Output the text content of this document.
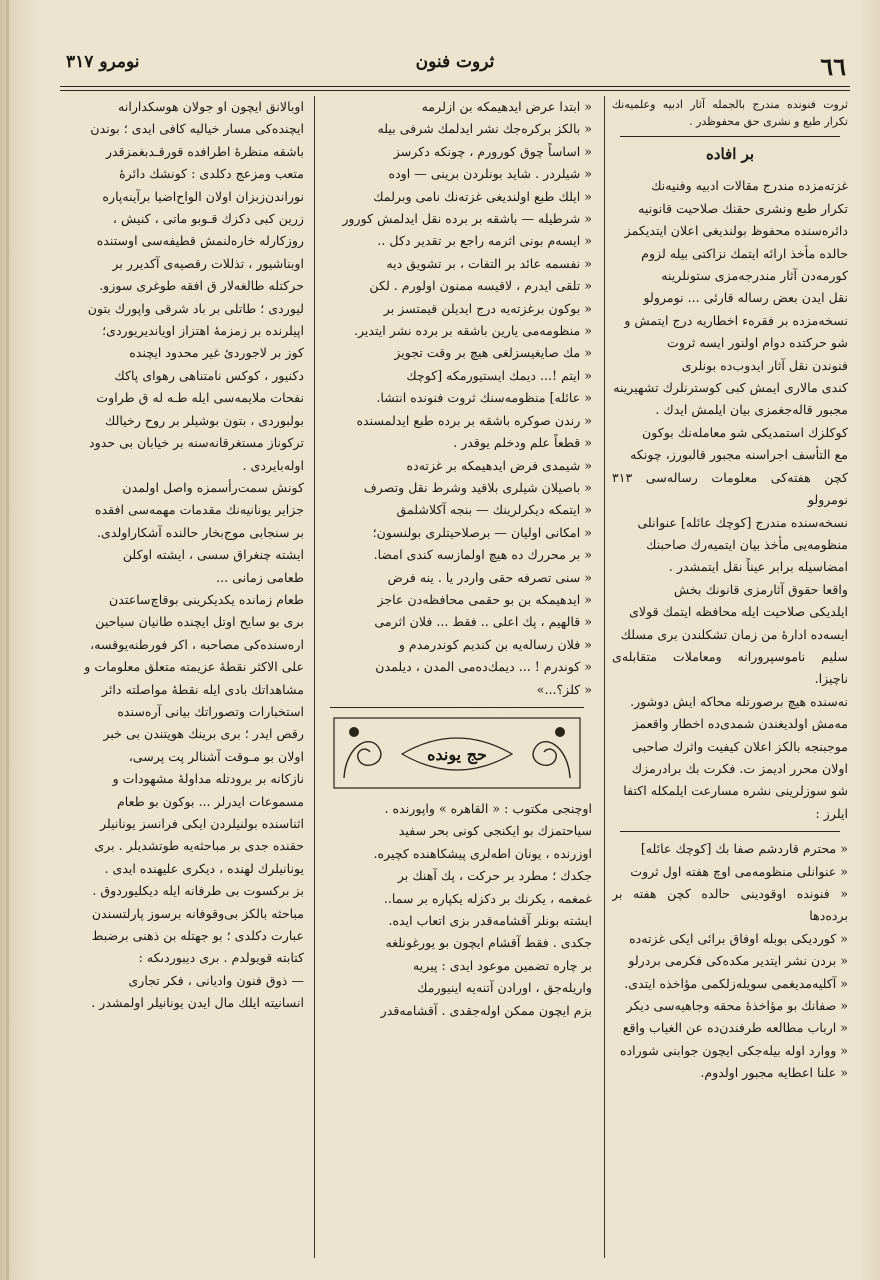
٦٦
ثروت فنون
نومرو ٣١٧

ثروت فنونده مندرج بالجمله آثار ادبيه وعلميه‌نك تكرار طبع و نشرى حق محفوظدر .

بر افاده

غزته‌مزده مندرج مقالات ادبيه وفنيه‌نك

تكرار طبع ونشرى حقنك صلاحيت قانونيه

دائره‌سنده محفوظ بولنديغى اعلان ايتديكمز

حالده مأخذ ارائه ايتمك نزاكتى بيله لزوم

كورمه‌دن آثار مندرجه‌مزى ستونلرينه

نقل ايدن بعض رساله قارئى ... نومرولو

نسخه‌مزده بر فقره‌ء اخطاريه درج ايتمش و

شو حركتده دوام اولنور ايسه ثروت

فنوندن نقل آثار ايدوب‌ده بونلرى

كندى مالارى ايمش كبى كوسترنلرك تشهيرينه

مجبور قاله‌جغمزى بيان ايلمش ايدك .

كوكلزك استمديكى شو معامله‌نك بوكون

مع التأسف اجراسنه مجبور قالبورز، چونكه

كچن هفته‌كى معلومات رساله‌سى ٣١٣ نومرولو

نسخه‌سنده مندرج [كوچك عائله] عنوانلى

منظومه‌يى مأخذ بيان ايتميه‌رك صاحبنك

امضاسيله برابر عيناً نقل ايتمشدر .

واقعا حقوق آثارمزى قانونك بخش

ايلديكى صلاحيت ايله محافظه ايتمك قولاى

ايسه‌ده ادارهٔ من زمان تشكلندن برى مسلك

سليم ناموسپرورانه ومعاملات متقابله‌ى ناچيزا.

نه‌سنده هيچ برصورتله محاكه ايش دوشور.

مه‌مش اولديغندن شمدى‌ده اخطار واقعمز

موجبنجه بالكز اعلان كيفيت واثرك صاحبى

اولان محرر اديمز ت. فكرت بك برادرمزك

شو سوزلرينى نشره مسارعت ايلمكله اكتفا

ايلرز :

« محترم قاردشم صفا بك [كوچك عائله]

« عنوانلى منظومه‌مى اوچ هفته اول ثروت

« فنونده اوقودينى حالده كچن هفته بر برده‌دها

« كورديكى بوبله اوفاق برائى ايكى غزته‌ده

« بردن نشر ايتدير مكده‌كى فكرمى بردرلو

« آكليه‌مديغمى سويله‌زلكمى مؤاخذه ايتدى.

« صفانك بو مؤاخذهٔ محقه وجاهيه‌سى ديكر

« ارباب مطالعه طرفندن‌ده عن الغياب واقع

« ووارد اوله بيله‌جكى ايچون جوابنى شوراده

« علنا اعطايه مجبور اولدوم.

« ابتدا عرض ايدهيمكه بن ازلرمه

« بالكز بركره‌جك نشر ايدلمك شرفى بيله

« اساساً چوق كورورم ، چونكه دكرسز

« شيلردر . شايد بونلردن برينى — اوده

« ايلك طبع اولنديغى غزته‌نك نامى وبرلمك

« شرطيله — باشقه بر برده نقل ايدلمش كورور

« ايسه‌م بونى اثرمه راجع بر تقدير دكل ..

« نفسمه عائد بر التفات ، بر تشويق ديه

« تلقى ايدرم ، لاقيسه ممنون اولورم . لكن

« بوكون برغزته‌يه درج ايديلن قيمتسز بر

« منظومه‌مى يارين باشقه بر برده نشر ايتدير.

« مك صايغيسزلغى هيچ بر وقت تجويز

« ايتم !... ديمك ايستيورمكه [كوچك

« عائله] منظومه‌سنك ثروت فنونده انتشا.

« رندن صوكره باشقه بر برده طبع ايدلمسنده

« قطعاً علم ودخلم يوقدر .

« شيمدى فرض ايدهيمكه بر غزته‌ده

« باصيلان شيلرى بلاقيد وشرط نقل وتصرف

« ايتمكه ديكرلرينك — بنجه آكلاشلمق

« امكانى اوليان — برصلاحيتلرى بولنسون؛

« بر محررك ده هيچ اولمازسه كندى امضا.

« سنى تصرفه حقى واردر يا . ينه فرض

« ايدهيمكه بن بو حقمى محافظه‌دن عاجز

« قالهيم ، پك اعلى .. فقط ... فلان اثرمى

« فلان رساله‌يه بن كنديم كوندرمدم و

« كوندرم ! ... ديمك‌ده‌مى المدن ، ديلمدن

« كلز؟...»

حج يونده

اوچنجى مكتوب : « القاهره » واپورنده .

سياحتمزك بو ايكنجى كونى بحر سفيد

اوزرنده ، يونان اطه‌لرى پيشكاهنده كچيره.

جكدك ؛ مطرد بر حركت ، پك آهنك بر

غمغمه ، يكرنك بر دكزله يكپاره بر سما..

ايشته بونلر آقشامه‌قدر بزى اتعاب ايده.

جكدى . فقط آقشام ايچون بو يورغونلغه

بر چاره تضمين موعود ايدى : پيريه

واريله‌جق ، اورادن آتنه‌يه اينيورمك

بزم ايچون ممكن اوله‌جقدى . آقشامه‌قدر

اوبالانق ايچون او جولان هوسكدارانه

ايچنده‌كى مسار خياليه كافى ايدى ؛ بوندن

باشقه منظرهٔ اطرافده قورقـدبغمزقدر

متعب ومزعج دكلدى : كونشك دائرهٔ

نوراندن‌زبزان اولان الواح‌اضيا برآينه‌پاره‌

زرين كبى دكزك قـوبو ماتى ، كنيش ،

روزكارله خاره‌لنمش قطيفه‌سى اوستنده

اوبناشيور ، تذللات رقصيه‌ى آكديرر بر

حركتله طالغه‌لار ق افقه طوغرى سوزو.

ليوردى ؛ طاتلى بر باد شرقى واپورك بتون

اپيلرنده بر زمزمهٔ اهتزاز اويانديريوردى؛

كوز بر لاجوردىٔ غير محدود ايچنده

دكنيور ، كوكس نامتناهى رهواى پاكك

نفحات ملايمه‌سى ايله طـه له ق طراوت

بولبوردى ، بتون بوشيلر بر روح رخيالك

تركوناز مستغرقانه‌سنه بر خيابان بى حدود

اوله‌بايردى .

كونش سمت‌رأسمزه واصل اولمدن

جزاير يونانيه‌نك مقدمات مهمه‌سى افقده

بر سنجابى موج‌بخار حالنده آشكاراولدى.

ايشته چنغراق سسى ، ايشته اوكلن

طعامى زمانى ...

طعام زمانده يكديكرينى بوقاچ‌ساعتدن

برى بو سايح اوتل ايچنده طانيان سياحين

اره‌سنده‌كى مصاحبه ، اكر فورطنه‌يوقسه،

على الاكثر نقطهٔ عزيمته متعلق معلومات و

مشاهداتك بادى ايله نقطهٔ مواصلته دائر

استخبارات وتصوراتك بيانى آره‌سنده

رقص ايدر ؛ برى برينك هويتندن بى خبر

اولان بو مـوقت آشنالر پت پرسى،

نازكانه بر برودتله مداولهٔ مشهودات و

مسموعات ايدرلر ... بوكون بو طعام

اثناسنده بولنيلردن ايكى فرانسز يونانيلر

حقنده جدى بر مباحثه‌يه طوتشديلر . برى

يونانيلرك لهنده ، ديكرى عليهنده ايدى .

بز بركسوت بى طرفانه ايله ديكليوردوق .

مباحثه بالكز بى‌وقوفانه برسوز پارلتسندن

عبارت دكلدى ؛ بو جهتله بن ذهنى برضبط

كتابته قويولدم . برى ديبوردىكه :

— ذوق فنون واديانى ، فكر تجارى

انسانيته ايلك مال ايدن يونانيلر اولمشدر .
